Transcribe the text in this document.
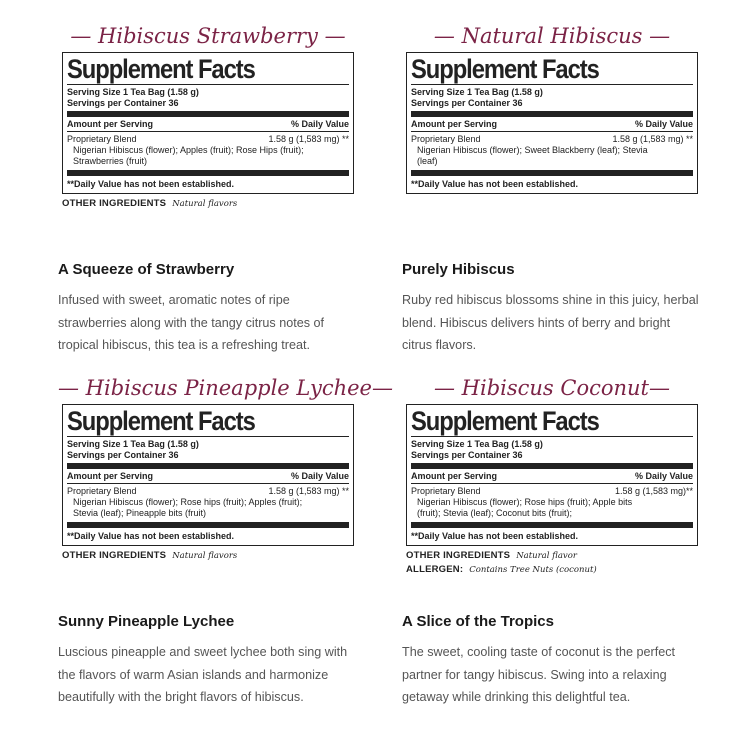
— Hibiscus Strawberry —
Supplement Facts
Serving Size 1 Tea Bag (1.58 g)
Servings per Container 36
Amount per Serving	% Daily Value
Proprietary Blend	1.58 g (1,583 mg) **
Nigerian Hibiscus (flower); Apples (fruit); Rose Hips (fruit); Strawberries (fruit)
**Daily Value has not been established.
OTHER INGREDIENTS Natural flavors
A Squeeze of Strawberry
Infused with sweet, aromatic notes of ripe strawberries along with the tangy citrus notes of tropical hibiscus, this tea is a refreshing treat.
— Natural Hibiscus —
Supplement Facts
Serving Size 1 Tea Bag (1.58 g)
Servings per Container 36
Amount per Serving	% Daily Value
Proprietary Blend	1.58 g (1,583 mg) **
Nigerian Hibiscus (flower); Sweet Blackberry (leaf); Stevia (leaf)
**Daily Value has not been established.
Purely Hibiscus
Ruby red hibiscus blossoms shine in this juicy, herbal blend. Hibiscus delivers hints of berry and bright citrus flavors.
— Hibiscus Pineapple Lychee—
Supplement Facts
Serving Size 1 Tea Bag (1.58 g)
Servings per Container 36
Amount per Serving	% Daily Value
Proprietary Blend	1.58 g (1,583 mg) **
Nigerian Hibiscus (flower); Rose hips (fruit); Apples (fruit); Stevia (leaf); Pineapple bits (fruit)
**Daily Value has not been established.
OTHER INGREDIENTS Natural flavors
Sunny Pineapple Lychee
Luscious pineapple and sweet lychee both sing with the flavors of warm Asian islands and harmonize beautifully with the bright flavors of hibiscus.
— Hibiscus Coconut—
Supplement Facts
Serving Size 1 Tea Bag (1.58 g)
Servings per Container 36
Amount per Serving	% Daily Value
Proprietary Blend	1.58 g (1,583 mg)**
Nigerian Hibiscus (flower); Rose hips (fruit); Apple bits (fruit); Stevia (leaf); Coconut bits (fruit);
**Daily Value has not been established.
OTHER INGREDIENTS Natural flavor
ALLERGEN: Contains Tree Nuts (coconut)
A Slice of the Tropics
The sweet, cooling taste of coconut is the perfect partner for tangy hibiscus. Swing into a relaxing getaway while drinking this delightful tea.
